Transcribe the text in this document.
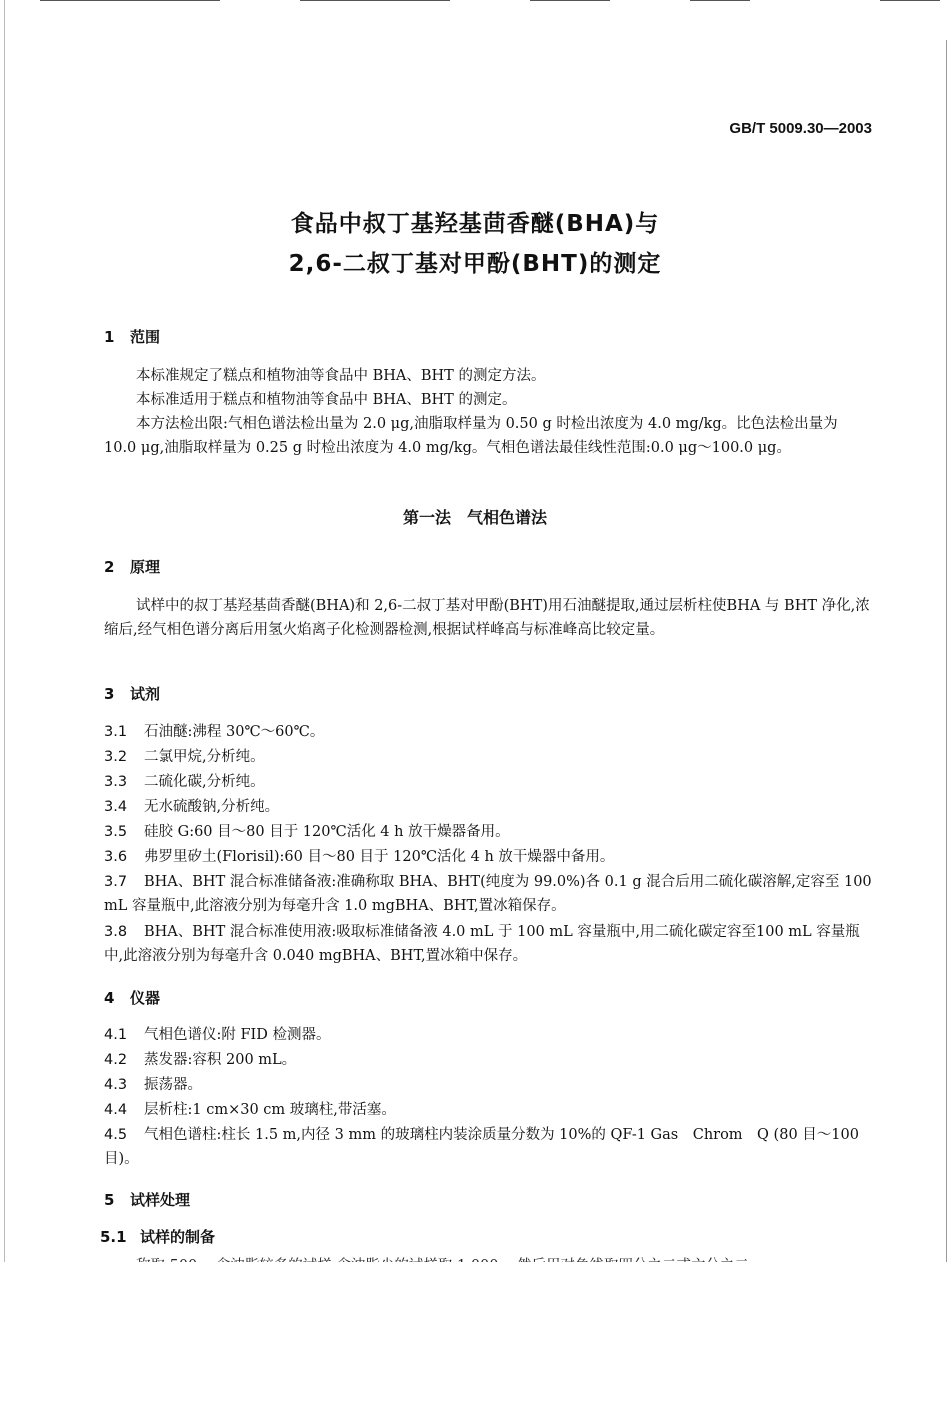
GB/T 5009.30—2003
食品中叔丁基羟基茴香醚(BHA)与
2,6-二叔丁基对甲酚(BHT)的测定
1 范围
本标准规定了糕点和植物油等食品中 BHA、BHT 的测定方法。
本标准适用于糕点和植物油等食品中 BHA、BHT 的测定。
本方法检出限:气相色谱法检出量为 2.0 μg,油脂取样量为 0.50 g 时检出浓度为 4.0 mg/kg。比色法检出量为 10.0 μg,油脂取样量为 0.25 g 时检出浓度为 4.0 mg/kg。气相色谱法最佳线性范围:0.0 μg～100.0 μg。
第一法　气相色谱法
2 原理
试样中的叔丁基羟基茴香醚(BHA)和 2,6-二叔丁基对甲酚(BHT)用石油醚提取,通过层析柱使BHA 与 BHT 净化,浓缩后,经气相色谱分离后用氢火焰离子化检测器检测,根据试样峰高与标准峰高比较定量。
3 试剂
3.1 石油醚:沸程 30℃～60℃。
3.2 二氯甲烷,分析纯。
3.3 二硫化碳,分析纯。
3.4 无水硫酸钠,分析纯。
3.5 硅胶 G:60 目～80 目于 120℃活化 4 h 放干燥器备用。
3.6 弗罗里矽土(Florisil):60 目～80 目于 120℃活化 4 h 放干燥器中备用。
3.7 BHA、BHT 混合标准储备液:准确称取 BHA、BHT(纯度为 99.0%)各 0.1 g 混合后用二硫化碳溶解,定容至 100 mL 容量瓶中,此溶液分别为每毫升含 1.0 mgBHA、BHT,置冰箱保存。
3.8 BHA、BHT 混合标准使用液:吸取标准储备液 4.0 mL 于 100 mL 容量瓶中,用二硫化碳定容至100 mL 容量瓶中,此溶液分别为每毫升含 0.040 mgBHA、BHT,置冰箱中保存。
4 仪器
4.1 气相色谱仪:附 FID 检测器。
4.2 蒸发器:容积 200 mL。
4.3 振荡器。
4.4 层析柱:1 cm×30 cm 玻璃柱,带活塞。
4.5 气相色谱柱:柱长 1.5 m,内径 3 mm 的玻璃柱内装涂质量分数为 10%的 QF-1 Gas　Chrom　Q (80 目～100 目)。
5 试样处理
5.1 试样的制备
